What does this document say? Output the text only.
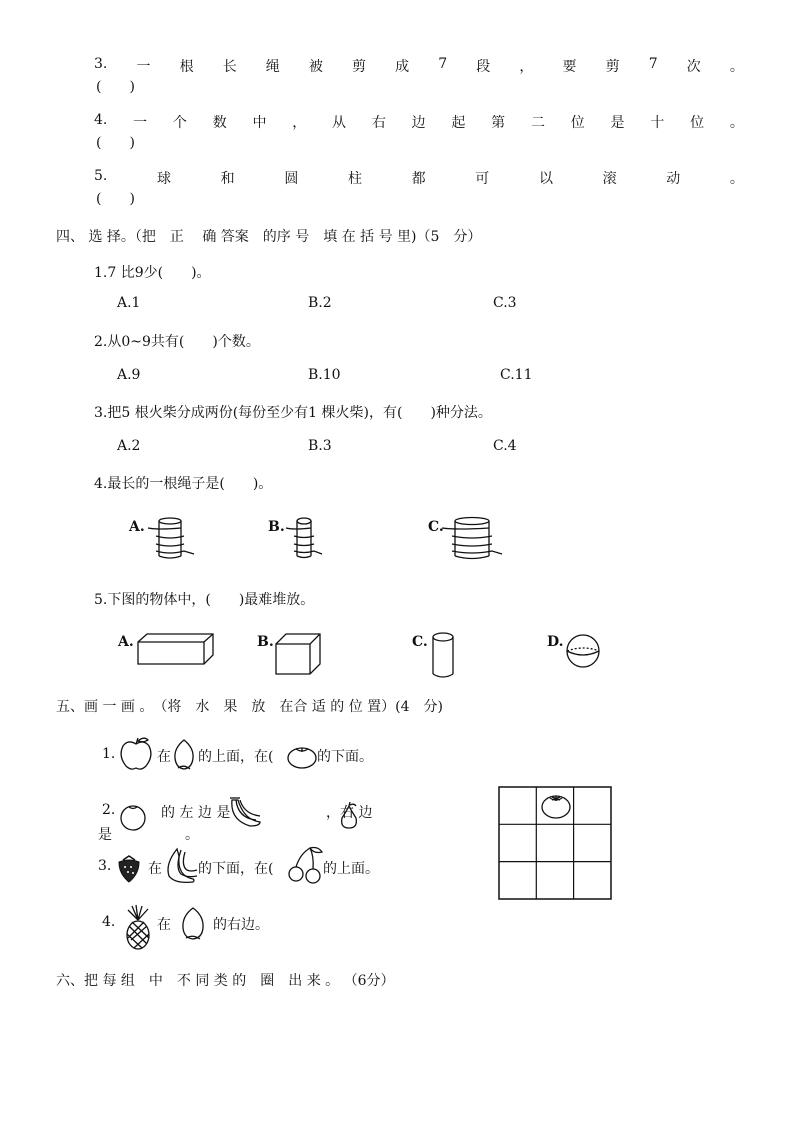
3. 一 根 长 绳 被 剪 成 7 段 ， 要 剪 7 次 。
(　　)
4. 一 个 数 中 ， 从 右 边 起 第 二 位 是 十 位 。
(　　)
5.	球	和	圆	柱	都	可	以	滚	动	。
(　　)
四、 选 择。（把　正　 确 答案　的序 号　填 在 括 号 里)（5　分）
1.7 比9少(　　)。
A.1	B.2	C.3
2.从0~9共有(　　)个数。
A.9	B.10	C.11
3.把5 根火柴分成两份(每份至少有1 棵火柴)，有(　　)种分法。
A.2	B.3	C.4
4.最长的一根绳子是(　　)。
A.	B.	C.
5.下图的物体中，(　　)最难堆放。
A.	B.	C.	D.
五、画 一 画 。　（将　水　果　放　在合 适 的 位 置）(4　分)
1.	在 的上面，在(	的下面。
2.	的 左 边 是	，右 边
是	。
3.	在	的下面，在(	的上面。
4.	在	的右边。
六、把 每 组　中　不 同 类 的　圈　出 来 。 （6分）
